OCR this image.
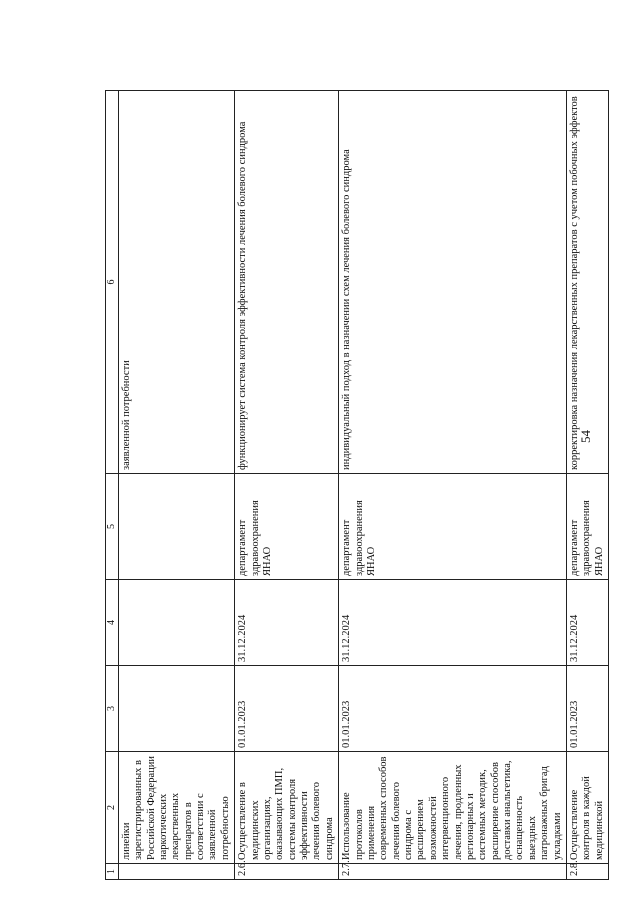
54
1	2	3	4	5	6
	линейки зарегистрированных в Российской Федерации наркотических лекарственных препаратов в соответствии с заявленной потребностью				заявленной потребности
2.6.	Осуществление в медицинских организациях, оказывающих ПМП, системы контроля эффективности лечения болевого синдрома	01.01.2023	31.12.2024	департамент здравоохранения ЯНАО	функционирует система контроля эффективности лечения болевого синдрома
2.7.	Использование протоколов применения современных способов лечения болевого синдрома с расширением возможностей интервенционного лечения, продленных регионарных и системных методик, расширение способов доставки анальгетика, оснащенность выездных патронажных бригад укладками	01.01.2023	31.12.2024	департамент здравоохранения ЯНАО	индивидуальный подход в назначении схем лечения болевого синдрома
2.8.	Осуществление контроля в каждой медицинской	01.01.2023	31.12.2024	департамент здравоохранения ЯНАО	корректировка назначения лекарственных препаратов с учетом побочных эффектов
